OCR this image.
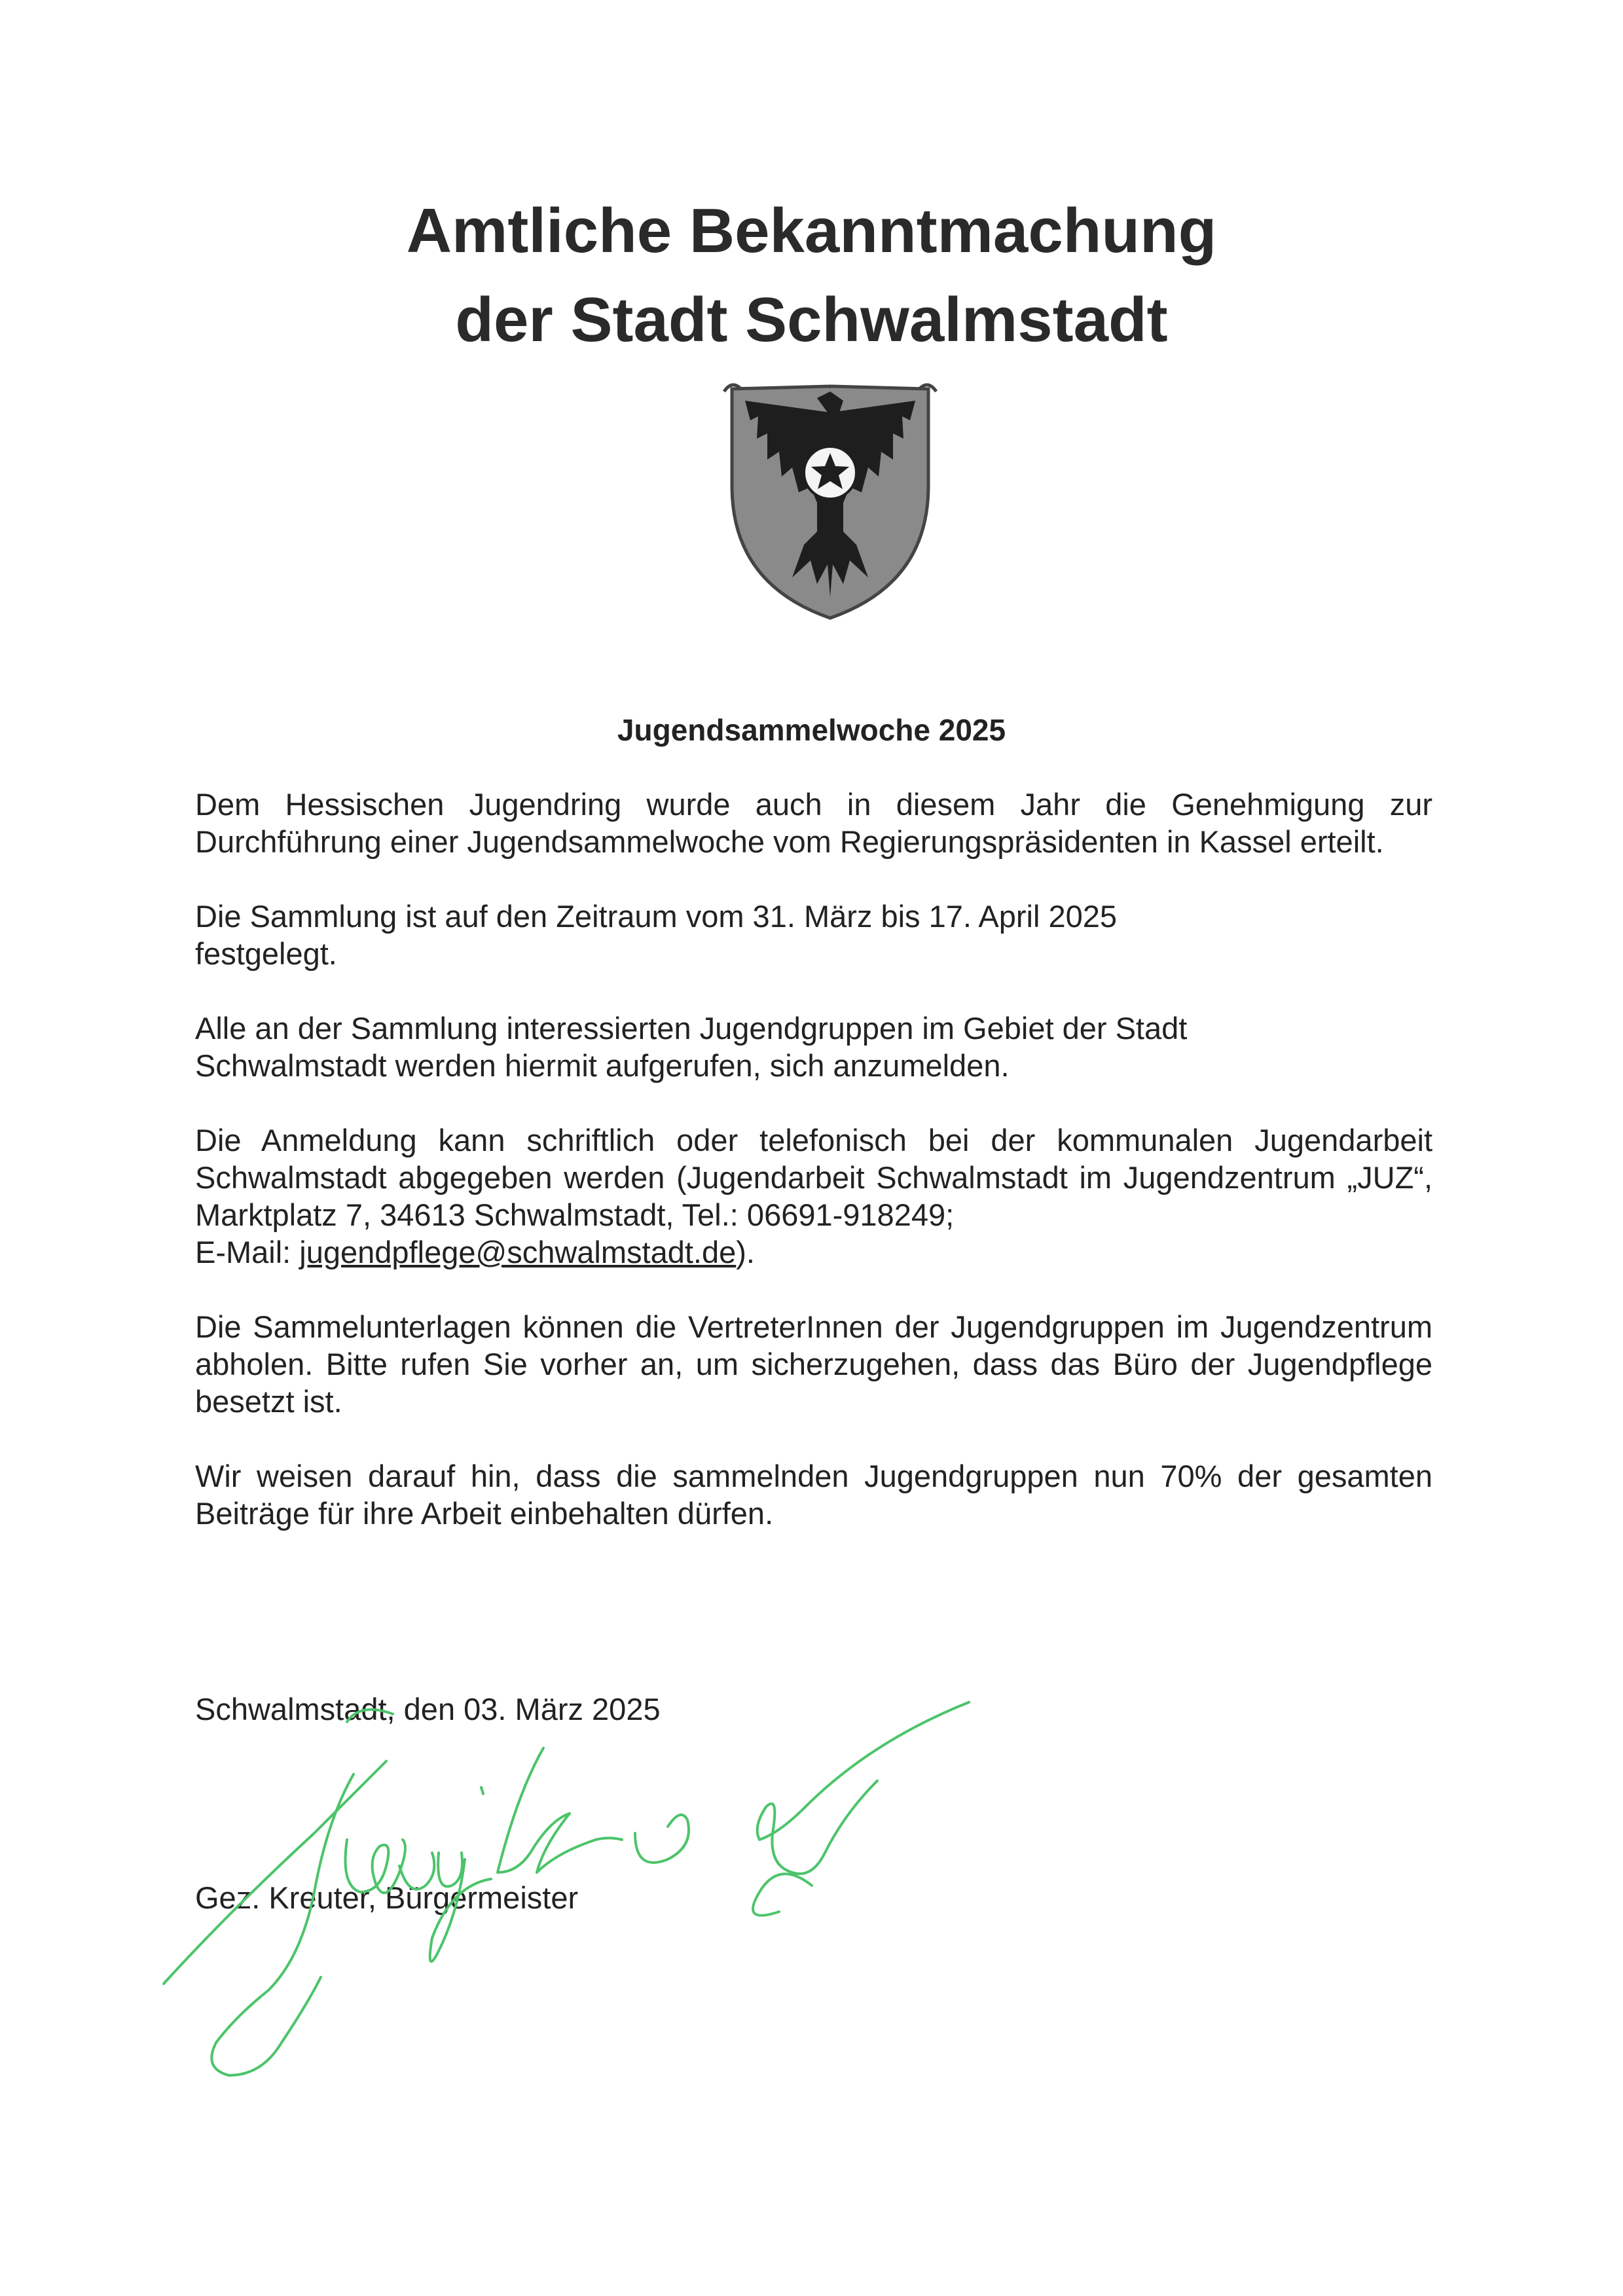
Amtliche Bekanntmachung
der Stadt Schwalmstadt
Jugendsammelwoche 2025

Dem Hessischen Jugendring wurde auch in diesem Jahr die Genehmigung zur Durchführung einer Jugendsammelwoche vom Regierungspräsidenten in Kassel erteilt.

Die Sammlung ist auf den Zeitraum vom 31. März bis 17. April 2025
festgelegt.

Alle an der Sammlung interessierten Jugendgruppen im Gebiet der Stadt
Schwalmstadt werden hiermit aufgerufen, sich anzumelden.

Die Anmeldung kann schriftlich oder telefonisch bei der kommunalen Jugendarbeit Schwalmstadt abgegeben werden (Jugendarbeit Schwalmstadt im Jugendzentrum „JUZ“, Marktplatz 7, 34613 Schwalmstadt, Tel.: 06691-918249;
E-Mail: jugendpflege@schwalmstadt.de).

Die Sammelunterlagen können die VertreterInnen der Jugendgruppen im Jugendzentrum abholen. Bitte rufen Sie vorher an, um sicherzugehen, dass das Büro der Jugendpflege besetzt ist.

Wir weisen darauf hin, dass die sammelnden Jugendgruppen nun 70% der gesamten Beiträge für ihre Arbeit einbehalten dürfen.

Schwalmstadt, den 03. März 2025
Gez. Kreuter, Bürgermeister
